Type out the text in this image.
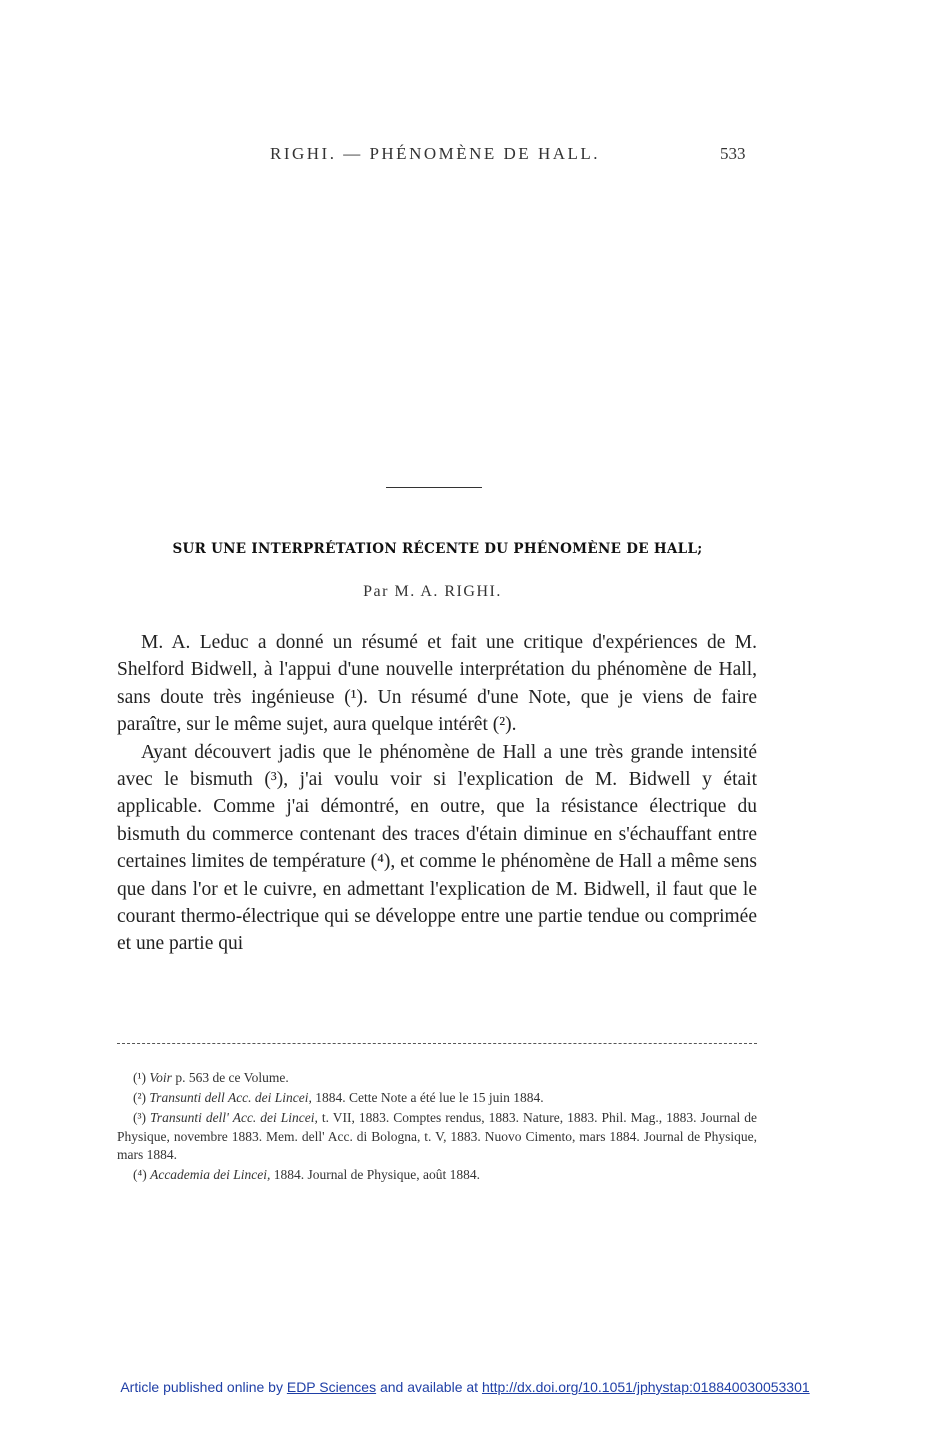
RIGHI. — PHÉNOMÈNE DE HALL.	533
SUR UNE INTERPRÉTATION RÉCENTE DU PHÉNOMÈNE DE HALL;
Par M. A. RIGHI.

M. A. Leduc a donné un résumé et fait une critique d'expériences de M. Shelford Bidwell, à l'appui d'une nouvelle interprétation du phénomène de Hall, sans doute très ingénieuse (¹). Un résumé d'une Note, que je viens de faire paraître, sur le même sujet, aura quelque intérêt (²).

Ayant découvert jadis que le phénomène de Hall a une très grande intensité avec le bismuth (³), j'ai voulu voir si l'explication de M. Bidwell y était applicable. Comme j'ai démontré, en outre, que la résistance électrique du bismuth du commerce contenant des traces d'étain diminue en s'échauffant entre certaines limites de température (⁴), et comme le phénomène de Hall a même sens que dans l'or et le cuivre, en admettant l'explication de M. Bidwell, il faut que le courant thermo-électrique qui se développe entre une partie tendue ou comprimée et une partie qui

(¹) Voir p. 563 de ce Volume.

(²) Transunti dell Acc. dei Lincei, 1884. Cette Note a été lue le 15 juin 1884.

(³) Transunti dell' Acc. dei Lincei, t. VII, 1883. Comptes rendus, 1883. Nature, 1883. Phil. Mag., 1883. Journal de Physique, novembre 1883. Mem. dell' Acc. di Bologna, t. V, 1883. Nuovo Cimento, mars 1884. Journal de Physique, mars 1884.

(⁴) Accademia dei Lincei, 1884. Journal de Physique, août 1884.

Article published online by EDP Sciences and available at http://dx.doi.org/10.1051/jphystap:018840030053301
